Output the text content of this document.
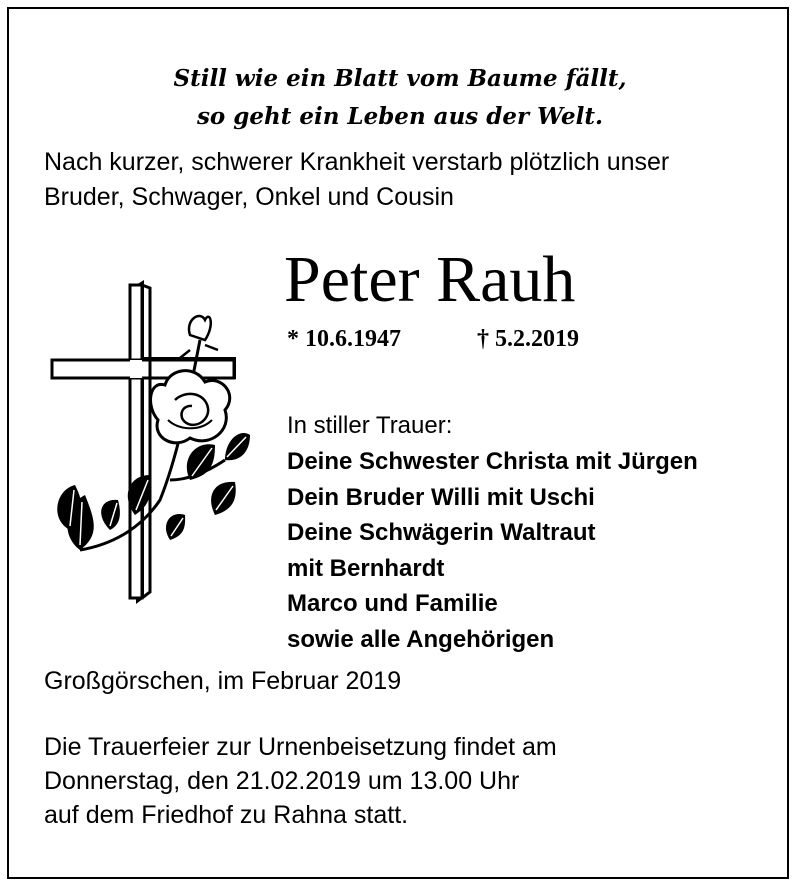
Still wie ein Blatt vom Baume fällt,
so geht ein Leben aus der Welt.
Nach kurzer, schwerer Krankheit verstarb plötzlich unser
Bruder, Schwager, Onkel und Cousin
Peter Rauh
* 10.6.1947	† 5.2.2019
In stiller Trauer:
Deine Schwester Christa mit Jürgen
Dein Bruder Willi mit Uschi
Deine Schwägerin Waltraut
mit Bernhardt
Marco und Familie
sowie alle Angehörigen
Großgörschen, im Februar 2019
Die Trauerfeier zur Urnenbeisetzung findet am
Donnerstag, den 21.02.2019 um 13.00 Uhr
auf dem Friedhof zu Rahna statt.
